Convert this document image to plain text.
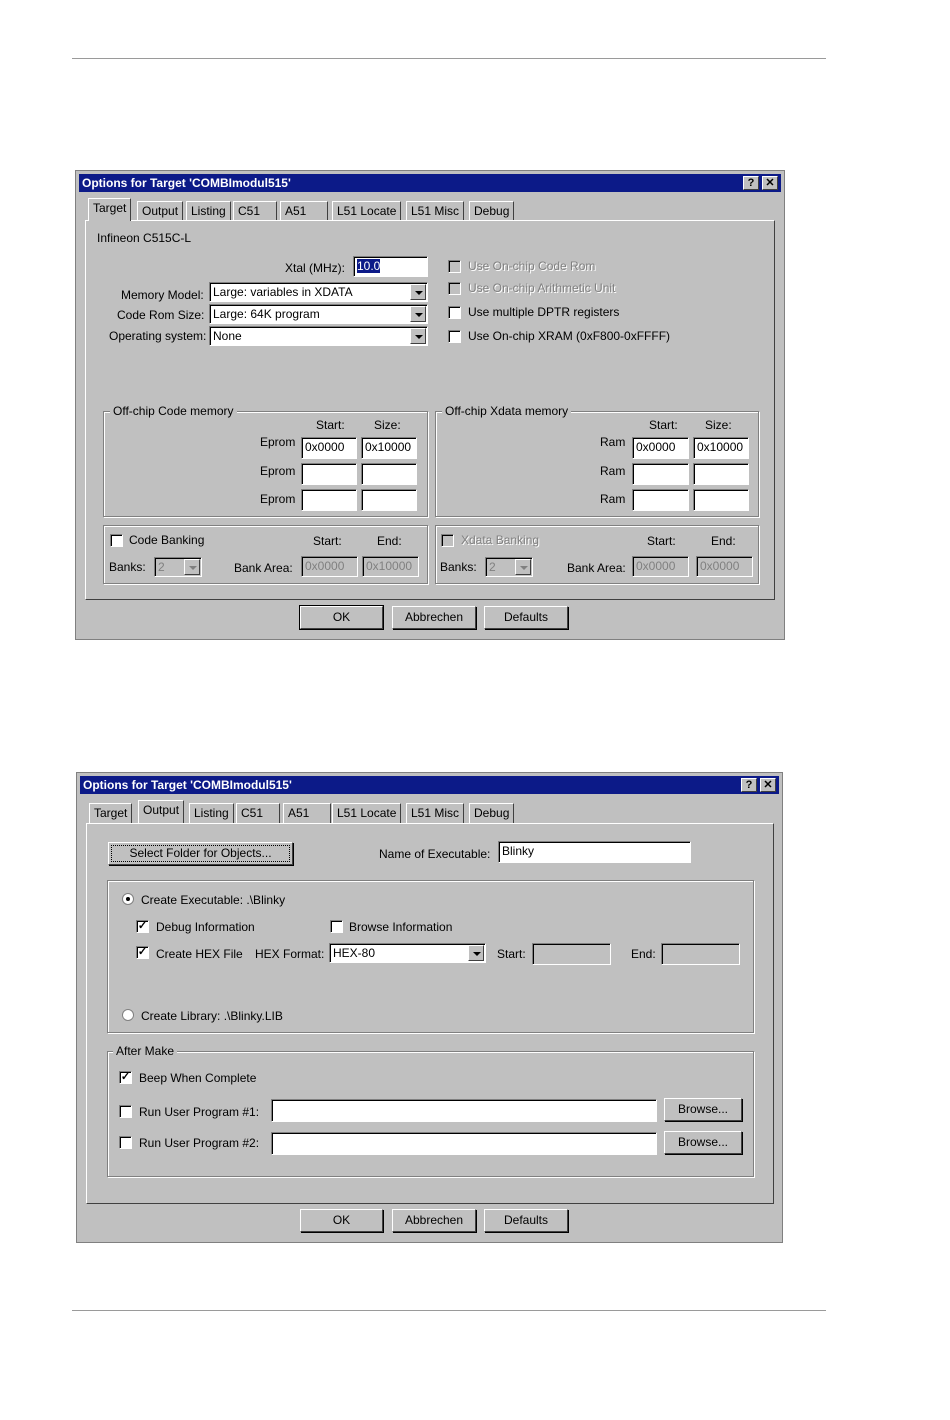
Options for Target 'COMBImodul515'	?	✕
Target	Output	Listing	C51	A51	L51 Locate	L51 Misc	Debug
Infineon C515C-L
Xtal (MHz):	10.0
Memory Model: Large: variables in XDATA
Code Rom Size: Large: 64K program
Operating system: None
Use On-chip Code Rom
Use On-chip Arithmetic Unit
Use multiple DPTR registers
Use On-chip XRAM (0xF800-0xFFFF)
Off-chip Code memory
Start: Size:
Eprom 0x0000	0x10000
Eprom
Eprom
Off-chip Xdata memory
Start: Size:
Ram 0x0000	0x10000
Ram
Ram
Code Banking	Start:	End:
Banks:	2	Bank Area:	0x0000	0x10000
Xdata Banking	Start:	End:
Banks:	2	Bank Area: 0x0000	0x0000
OK	Abbrechen	Defaults
Options for Target 'COMBImodul515'	?	✕
Target	Output	Listing	C51	A51	L51 Locate	L51 Misc	Debug
Select Folder for Objects...	Name of Executable: Blinky
Create Executable: .\Blinky
✓ Debug Information	Browse Information
✓ Create HEX File HEX Format: HEX-80	Start:	End:
Create Library: .\Blinky.LIB
After Make
✓ Beep When Complete
Run User Program #1:	Browse...
Run User Program #2:	Browse...
OK	Abbrechen	Defaults
